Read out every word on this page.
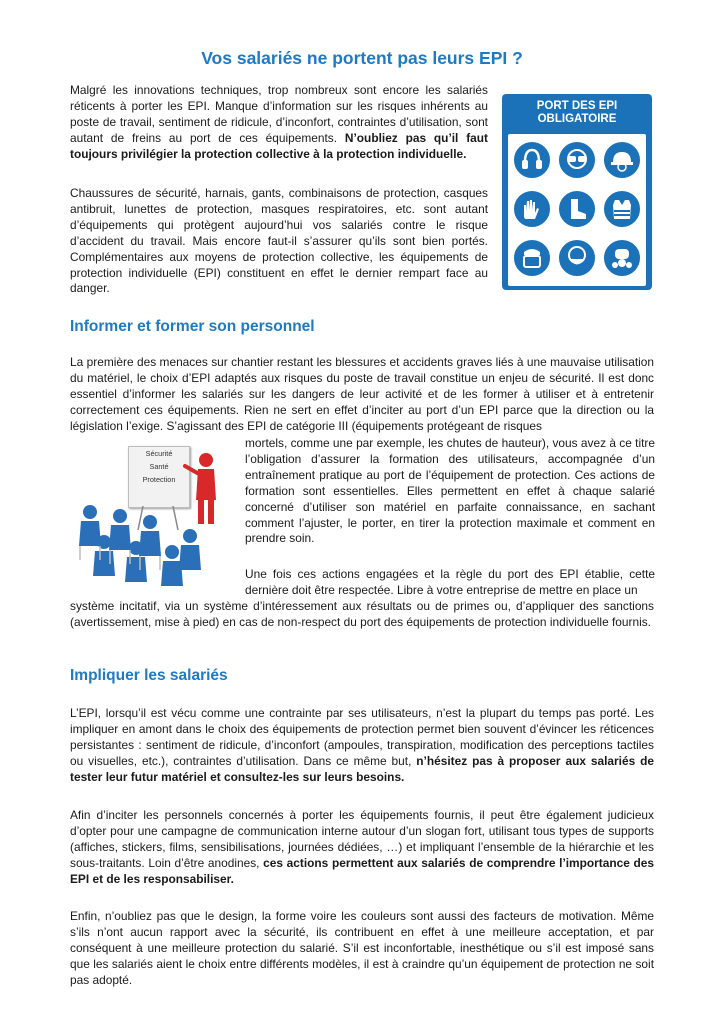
Vos salariés ne portent pas leurs EPI ?

Malgré les innovations techniques, trop nombreux sont encore les salariés réticents à porter les EPI. Manque d’information sur les risques inhérents au poste de travail, sentiment de ridicule, d’inconfort, contraintes d’utilisation, sont autant de freins au port de ces équipements. N’oubliez pas qu’il faut toujours privilégier la protection collective à la protection individuelle.

Chaussures de sécurité, harnais, gants, combinaisons de protection, casques antibruit, lunettes de protection, masques respiratoires, etc. sont autant d’équipements qui protègent aujourd’hui vos salariés contre le risque d’accident du travail. Mais encore faut-il s’assurer qu’ils sont bien portés. Complémentaires aux moyens de protection collective, les équipements de protection individuelle (EPI) constituent en effet le dernier rempart face au danger.

PORT DES EPI
OBLIGATOIRE
Informer et former son personnel

La première des menaces sur chantier restant les blessures et accidents graves liés à une mauvaise utilisation du matériel, le choix d’EPI adaptés aux risques du poste de travail constitue un enjeu de sécurité. Il est donc essentiel d’informer les salariés sur les dangers de leur activité et de les former à utiliser et à entretenir correctement ces équipements. Rien ne sert en effet d’inciter au port d’un EPI parce que la direction ou la législation l’exige. S’agissant des EPI de catégorie III (équipements protégeant de risques

Sécurité
Santé
Protection

mortels, comme une par exemple, les chutes de hauteur), vous avez à ce titre l’obligation d’assurer la formation des utilisateurs, accompagnée d’un entraînement pratique au port de l’équipement de protection. Ces actions de formation sont essentielles. Elles permettent en effet à chaque salarié concerné d’utiliser son matériel en parfaite connaissance, en sachant comment l’ajuster, le porter, en tirer la protection maximale et comment en prendre soin.

Une fois ces actions engagées et la règle du port des EPI établie, cette dernière doit être respectée. Libre à votre entreprise de mettre en place un

système incitatif, via un système d’intéressement aux résultats ou de primes ou, d’appliquer des sanctions (avertissement, mise à pied) en cas de non-respect du port des équipements de protection individuelle fournis.

Impliquer les salariés

L’EPI, lorsqu’il est vécu comme une contrainte par ses utilisateurs, n’est la plupart du temps pas porté. Les impliquer en amont dans le choix des équipements de protection permet bien souvent d’évincer les réticences persistantes : sentiment de ridicule, d’inconfort (ampoules, transpiration, modification des perceptions tactiles ou visuelles, etc.), contraintes d’utilisation. Dans ce même but, n’hésitez pas à proposer aux salariés de tester leur futur matériel et consultez-les sur leurs besoins.

Afin d’inciter les personnels concernés à porter les équipements fournis, il peut être également judicieux d’opter pour une campagne de communication interne autour d’un slogan fort, utilisant tous types de supports (affiches, stickers, films, sensibilisations, journées dédiées, …) et impliquant l’ensemble de la hiérarchie et les sous-traitants. Loin d’être anodines, ces actions permettent aux salariés de comprendre l’importance des EPI et de les responsabiliser.

Enfin, n’oubliez pas que le design, la forme voire les couleurs sont aussi des facteurs de motivation. Même s’ils n’ont aucun rapport avec la sécurité, ils contribuent en effet à une meilleure acceptation, et par conséquent à une meilleure protection du salarié. S’il est inconfortable, inesthétique ou s’il est imposé sans que les salariés aient le choix entre différents modèles, il est à craindre qu’un équipement de protection ne soit pas adopté.
